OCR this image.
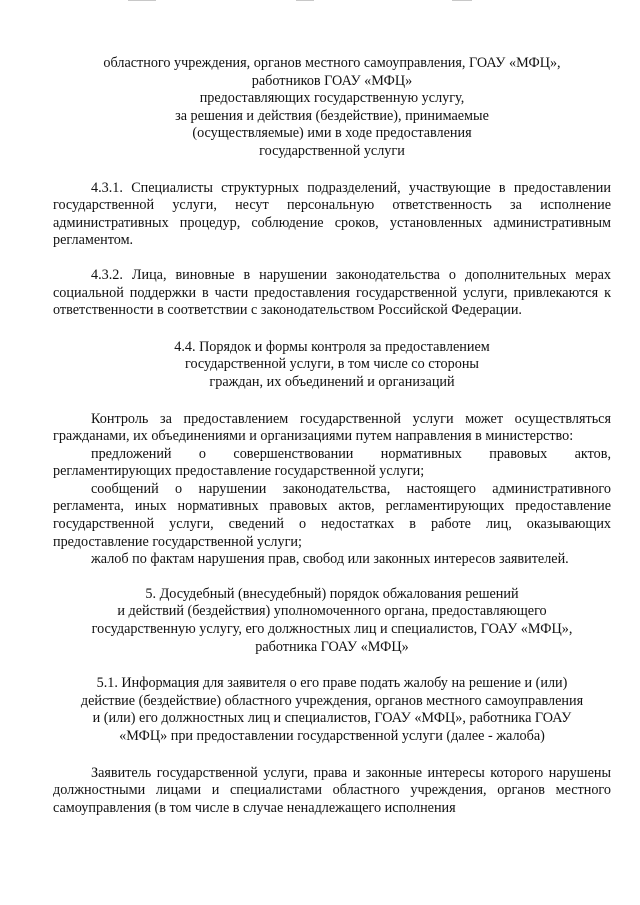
областного учреждения, органов местного самоуправления, ГОАУ «МФЦ»,
работников ГОАУ «МФЦ»
предоставляющих государственную услугу,
за решения и действия (бездействие), принимаемые
(осуществляемые) ими в ходе предоставления
государственной услуги

4.3.1. Специалисты структурных подразделений, участвующие в предоставлении государственной услуги, несут персональную ответственность за исполнение административных процедур, соблюдение сроков, установленных административным регламентом.

4.3.2. Лица, виновные в нарушении законодательства о дополнительных мерах социальной поддержки в части предоставления государственной услуги, привлекаются к ответственности в соответствии с законодательством Российской Федерации.

4.4. Порядок и формы контроля за предоставлением
государственной услуги, в том числе со стороны
граждан, их объединений и организаций

Контроль за предоставлением государственной услуги может осуществляться гражданами, их объединениями и организациями путем направления в министерство:

предложений о совершенствовании нормативных правовых актов, регламентирующих предоставление государственной услуги;

сообщений о нарушении законодательства, настоящего административного регламента, иных нормативных правовых актов, регламентирующих предоставление государственной услуги, сведений о недостатках в работе лиц, оказывающих предоставление государственной услуги;

жалоб по фактам нарушения прав, свобод или законных интересов заявителей.

5. Досудебный (внесудебный) порядок обжалования решений
и действий (бездействия) уполномоченного органа, предоставляющего
государственную услугу, его должностных лиц и специалистов, ГОАУ «МФЦ»,
работника ГОАУ «МФЦ»
5.1. Информация для заявителя о его праве подать жалобу на решение и (или)
действие (бездействие) областного учреждения, органов местного самоуправления
и (или) его должностных лиц и специалистов, ГОАУ «МФЦ», работника ГОАУ
«МФЦ» при предоставлении государственной услуги (далее - жалоба)

Заявитель государственной услуги, права и законные интересы которого нарушены должностными лицами и специалистами областного учреждения, органов местного самоуправления (в том числе в случае ненадлежащего исполнения
